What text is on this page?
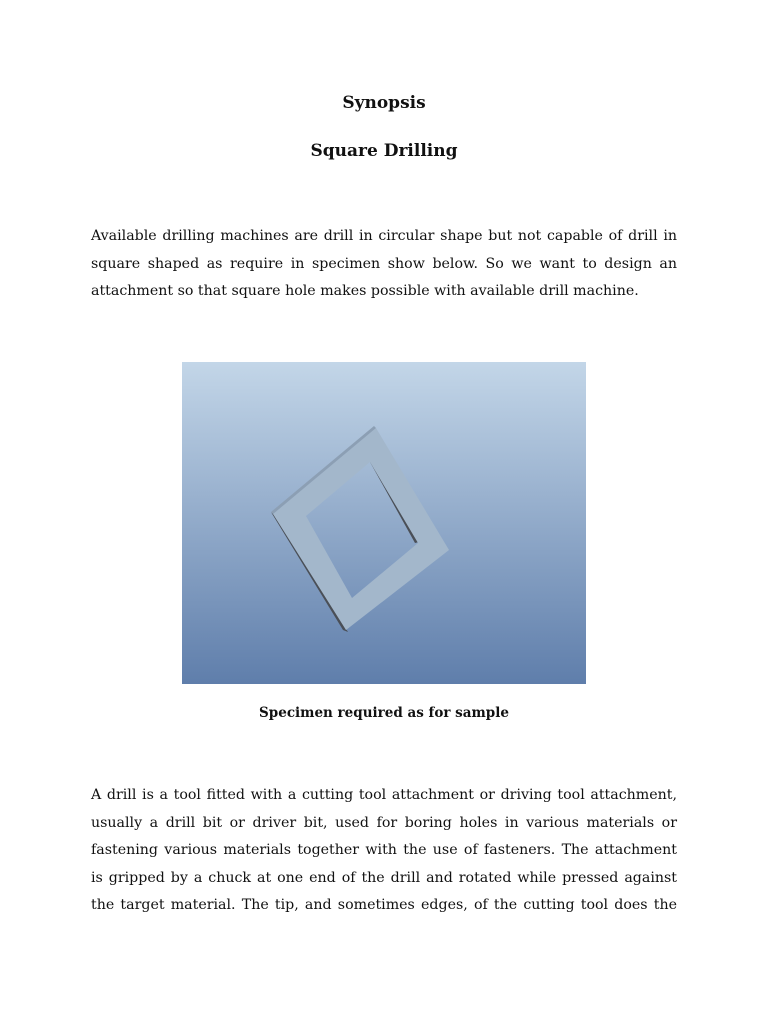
Synopsis
Square Drilling

Available drilling machines are drill in circular shape but not capable of drill in
square shaped as require in specimen show below. So we want to design an
attachment so that square hole makes possible with available drill machine.

Specimen required as for sample

A drill is a tool fitted with a cutting tool attachment or driving tool attachment,
usually a drill bit or driver bit, used for boring holes in various materials or
fastening various materials together with the use of fasteners. The attachment
is gripped by a chuck at one end of the drill and rotated while pressed against
the target material. The tip, and sometimes edges, of the cutting tool does the
